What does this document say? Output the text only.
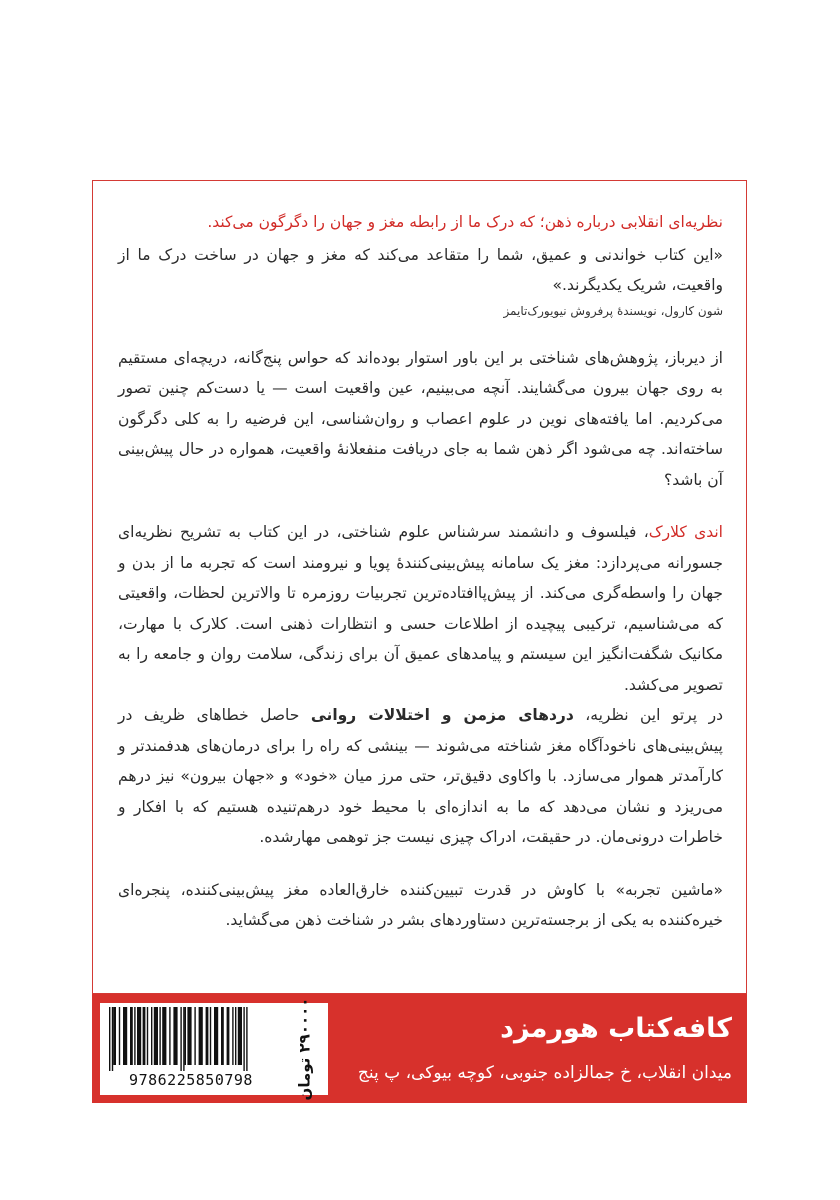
نظریه‌ای انقلابی درباره ذهن؛ که درک ما از رابطه مغز و جهان را دگرگون می‌کند.

«این کتاب خواندنی و عمیق، شما را متقاعد می‌کند که مغز و جهان در ساخت درک ما از واقعیت، شریک یکدیگرند.»

شون کارول، نویسندهٔ پرفروش نیویورک‌تایمز

از دیرباز، پژوهش‌های شناختی بر این باور استوار بوده‌اند که حواس پنج‌گانه، دریچه‌ای مستقیم به روی جهان بیرون می‌گشایند. آنچه می‌بینیم، عین واقعیت است — یا دست‌کم چنین تصور می‌کردیم. اما یافته‌های نوین در علوم اعصاب و روان‌شناسی، این فرضیه را به کلی دگرگون ساخته‌اند. چه می‌شود اگر ذهن شما به جای دریافت منفعلانهٔ واقعیت، همواره در حال پیش‌بینی آن باشد؟

اندی کلارک، فیلسوف و دانشمند سرشناس علوم شناختی، در این کتاب به تشریح نظریه‌ای جسورانه می‌پردازد: مغز یک سامانه پیش‌بینی‌کنندهٔ پویا و نیرومند است که تجربه ما از بدن و جهان را واسطه‌گری می‌کند. از پیش‌پاافتاده‌ترین تجربیات روزمره تا والاترین لحظات، واقعیتی که می‌شناسیم، ترکیبی پیچیده از اطلاعات حسی و انتظارات ذهنی است. کلارک با مهارت، مکانیک شگفت‌انگیز این سیستم و پیامدهای عمیق آن برای زندگی، سلامت روان و جامعه را به تصویر می‌کشد.

در پرتو این نظریه، دردهای مزمن و اختلالات روانی حاصل خطاهای ظریف در پیش‌بینی‌های ناخودآگاه مغز شناخته می‌شوند — بینشی که راه را برای درمان‌های هدفمندتر و کارآمدتر هموار می‌سازد. با واکاوی دقیق‌تر، حتی مرز میان «خود» و «جهان بیرون» نیز درهم می‌ریزد و نشان می‌دهد که ما به اندازه‌ای با محیط خود درهم‌تنیده هستیم که با افکار و خاطرات درونی‌مان. در حقیقت، ادراک چیزی نیست جز توهمی مهارشده.

«ماشین تجربه» با کاوش در قدرت تبیین‌کننده خارق‌العاده مغز پیش‌بینی‌کننده، پنجره‌ای خیره‌کننده به یکی از برجسته‌ترین دستاوردهای بشر در شناخت ذهن می‌گشاید.

9786225850798	۲۹۰۰۰۰ تومان	کافه‌کتاب هورمزد
میدان انقلاب، خ جمالزاده جنوبی، کوچه بیوکی، پ پنج
